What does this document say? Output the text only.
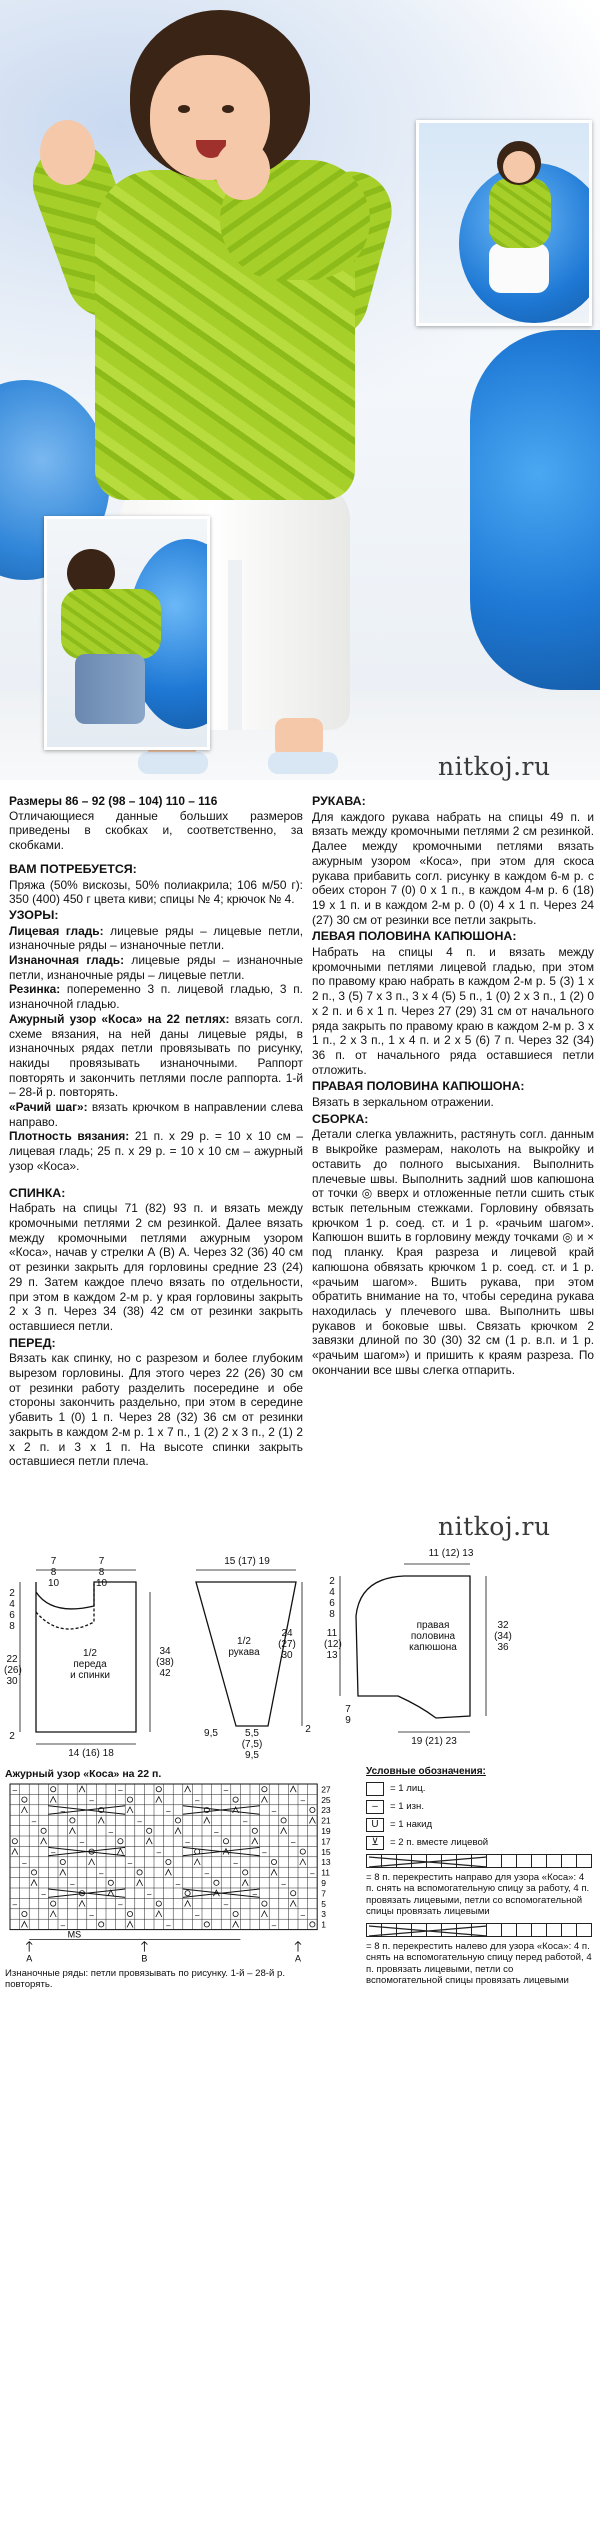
nitkoj.ru

Размеры 86 – 92 (98 – 104) 110 – 116

Отличающиеся данные больших размеров приведены в скобках и, соответственно, за скобками.

ВАМ ПОТРЕБУЕТСЯ:

Пряжа (50% вискозы, 50% полиакрила; 106 м/50 г): 350 (400) 450 г цвета киви; спицы № 4; крючок № 4.

УЗОРЫ:

Лицевая гладь: лицевые ряды – лицевые петли, изнаночные ряды – изнаночные петли.

Изнаночная гладь: лицевые ряды – изнаночные петли, изнаночные ряды – лицевые петли.

Резинка: попеременно 3 п. лицевой гладью, 3 п. изнаночной гладью.

Ажурный узор «Коса» на 22 петлях: вязать согл. схеме вязания, на ней даны лицевые ряды, в изнаночных рядах петли провязывать по рисунку, накиды провязывать изнаночными. Раппорт повторять и закончить петлями после раппорта. 1-й – 28-й р. повторять.

«Рачий шаг»: вязать крючком в направлении слева направо.

Плотность вязания: 21 п. х 29 р. = 10 х 10 см – лицевая гладь; 25 п. х 29 р. = 10 х 10 см – ажурный узор «Коса».

СПИНКА:

Набрать на спицы 71 (82) 93 п. и вязать между кромочными петлями 2 см резинкой. Далее вязать между кромочными петлями ажурным узором «Коса», начав у стрелки А (В) А. Через 32 (36) 40 см от резинки закрыть для горловины средние 23 (24) 29 п. Затем каждое плечо вязать по отдельности, при этом в каждом 2-м р. у края горловины закрыть 2 х 3 п. Через 34 (38) 42 см от резинки закрыть оставшиеся петли.

ПЕРЕД:

Вязать как спинку, но с разрезом и более глубоким вырезом горловины. Для этого через 22 (26) 30 см от резинки работу разделить посередине и обе стороны закончить раздельно, при этом в середине убавить 1 (0) 1 п. Через 28 (32) 36 см от резинки закрыть в каждом 2-м р. 1 х 7 п., 1 (2) 2 х 3 п., 2 (1) 2 х 2 п. и 3 х 1 п. На высоте спинки закрыть оставшиеся петли плеча.

РУКАВА:

Для каждого рукава набрать на спицы 49 п. и вязать между кромочными петлями 2 см резинкой. Далее между кромочными петлями вязать ажурным узором «Коса», при этом для скоса рукава прибавить согл. рисунку в каждом 6-м р. с обеих сторон 7 (0) 0 х 1 п., в каждом 4-м р. 6 (18) 19 х 1 п. и в каждом 2-м р. 0 (0) 4 х 1 п. Через 24 (27) 30 см от резинки все петли закрыть.

ЛЕВАЯ ПОЛОВИНА КАПЮШОНА:

Набрать на спицы 4 п. и вязать между кромочными петлями лицевой гладью, при этом по правому краю набрать в каждом 2-м р. 5 (3) 1 х 2 п., 3 (5) 7 х 3 п., 3 х 4 (5) 5 п., 1 (0) 2 х 3 п., 1 (2) 0 х 2 п. и 6 х 1 п. Через 27 (29) 31 см от начального ряда закрыть по правому краю в каждом 2-м р. 3 х 1 п., 2 х 3 п., 1 х 4 п. и 2 х 5 (6) 7 п. Через 32 (34) 36 п. от начального ряда оставшиеся петли отложить.

ПРАВАЯ ПОЛОВИНА КАПЮШОНА:

Вязать в зеркальном отражении.

СБОРКА:

Детали слегка увлажнить, растянуть согл. данным в выкройке размерам, наколоть на выкройку и оставить до полного высыхания. Выполнить плечевые швы. Выполнить задний шов капюшона от точки ◎ вверх и отложенные петли сшить стык встык петельным стежками. Горловину обвязать крючком 1 р. соед. ст. и 1 р. «рачьим шагом». Капюшон вшить в горловину между точками ◎ и × под планку. Края разреза и лицевой край капюшона обвязать крючком 1 р. соед. ст. и 1 р. «рачьим шагом». Вшить рукава, при этом обратить внимание на то, чтобы середина рукава находилась у плечевого шва. Выполнить швы рукавов и боковые швы. Связать крючком 2 завязки длиной по 30 (30) 32 см (1 р. в.п. и 1 р. «рачьим шагом») и пришить к краям разреза. По окончании все швы слегка отпарить.

nitkoj.ru
7
8
10
7
8
10
2
4
6
8

22
(26)
30

2
1/2
переда
и спинки
34
(38)
42
14 (16) 18
15 (17) 19
1/2
рукава
24
(27)
30
2
9,5	5,5
(7,5)
9,5
2
4
6
8
11
(12)
13
11 (12) 13
правая
половина
капюшона
32
(34)
36
7
9
19 (21) 23
Ажурный узор «Коса» на 22 п.
–	–	–
–	–	–
–	–	–
–	–	–
–	–
–	–	–
–	–	–
–	–	–
–	–	–
–	–	–
–	–	–
–	–	–
–	–	–
–	–	–
27
25
23
21
19
17
15
13
11
9
7
5
3
1
MS
A	B	A
Изнаночные ряды: петли провязывать по рисунку. 1-й – 28-й р. повторять.
Условные обозначения:
= 1 лиц.
–	= 1 изн.
U	= 1 накид
⊻	= 2 п. вместе лицевой
= 8 п. перекрестить направо для узора «Коса»: 4 п. снять на вспомогательную спицу за работу, 4 п. провязать лицевыми, петли со вспомогательной спицы провязать лицевыми
= 8 п. перекрестить налево для узора «Коса»: 4 п. снять на вспомогательную спицу перед работой, 4 п. провязать лицевыми, петли со вспомогательной спицы провязать лицевыми
